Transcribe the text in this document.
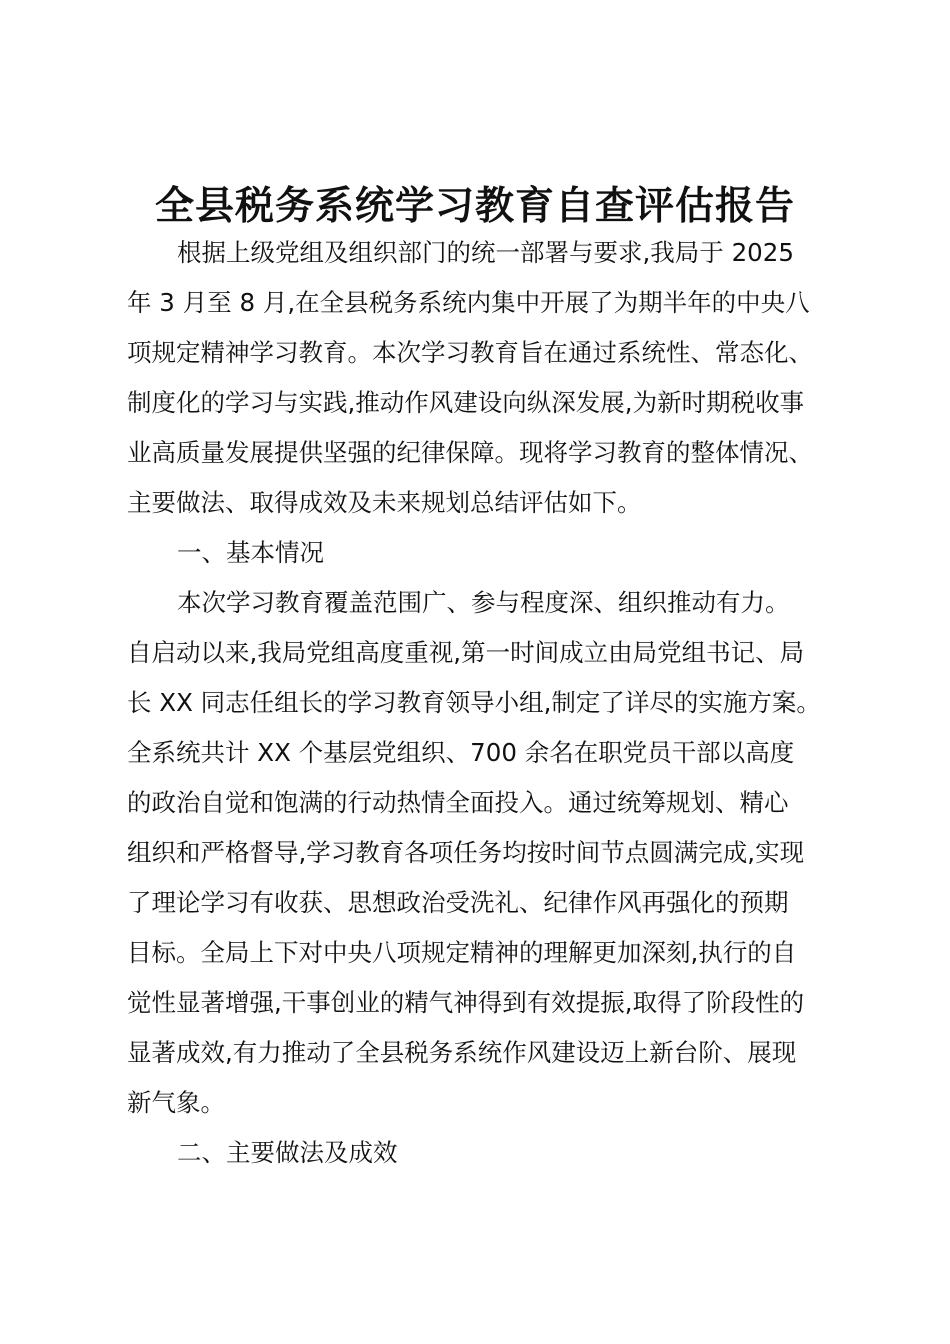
全县税务系统学习教育自查评估报告
根据上级党组及组织部门的统一部署与要求,我局于 2025
年 3 月至 8 月,在全县税务系统内集中开展了为期半年的中央八
项规定精神学习教育。本次学习教育旨在通过系统性、常态化、
制度化的学习与实践,推动作风建设向纵深发展,为新时期税收事
业高质量发展提供坚强的纪律保障。现将学习教育的整体情况、
主要做法、取得成效及未来规划总结评估如下。
一、基本情况
本次学习教育覆盖范围广、参与程度深、组织推动有力。
自启动以来,我局党组高度重视,第一时间成立由局党组书记、局
长 XX 同志任组长的学习教育领导小组,制定了详尽的实施方案。
全系统共计 XX 个基层党组织、700 余名在职党员干部以高度
的政治自觉和饱满的行动热情全面投入。通过统筹规划、精心
组织和严格督导,学习教育各项任务均按时间节点圆满完成,实现
了理论学习有收获、思想政治受洗礼、纪律作风再强化的预期
目标。全局上下对中央八项规定精神的理解更加深刻,执行的自
觉性显著增强,干事创业的精气神得到有效提振,取得了阶段性的
显著成效,有力推动了全县税务系统作风建设迈上新台阶、展现
新气象。
二、主要做法及成效
